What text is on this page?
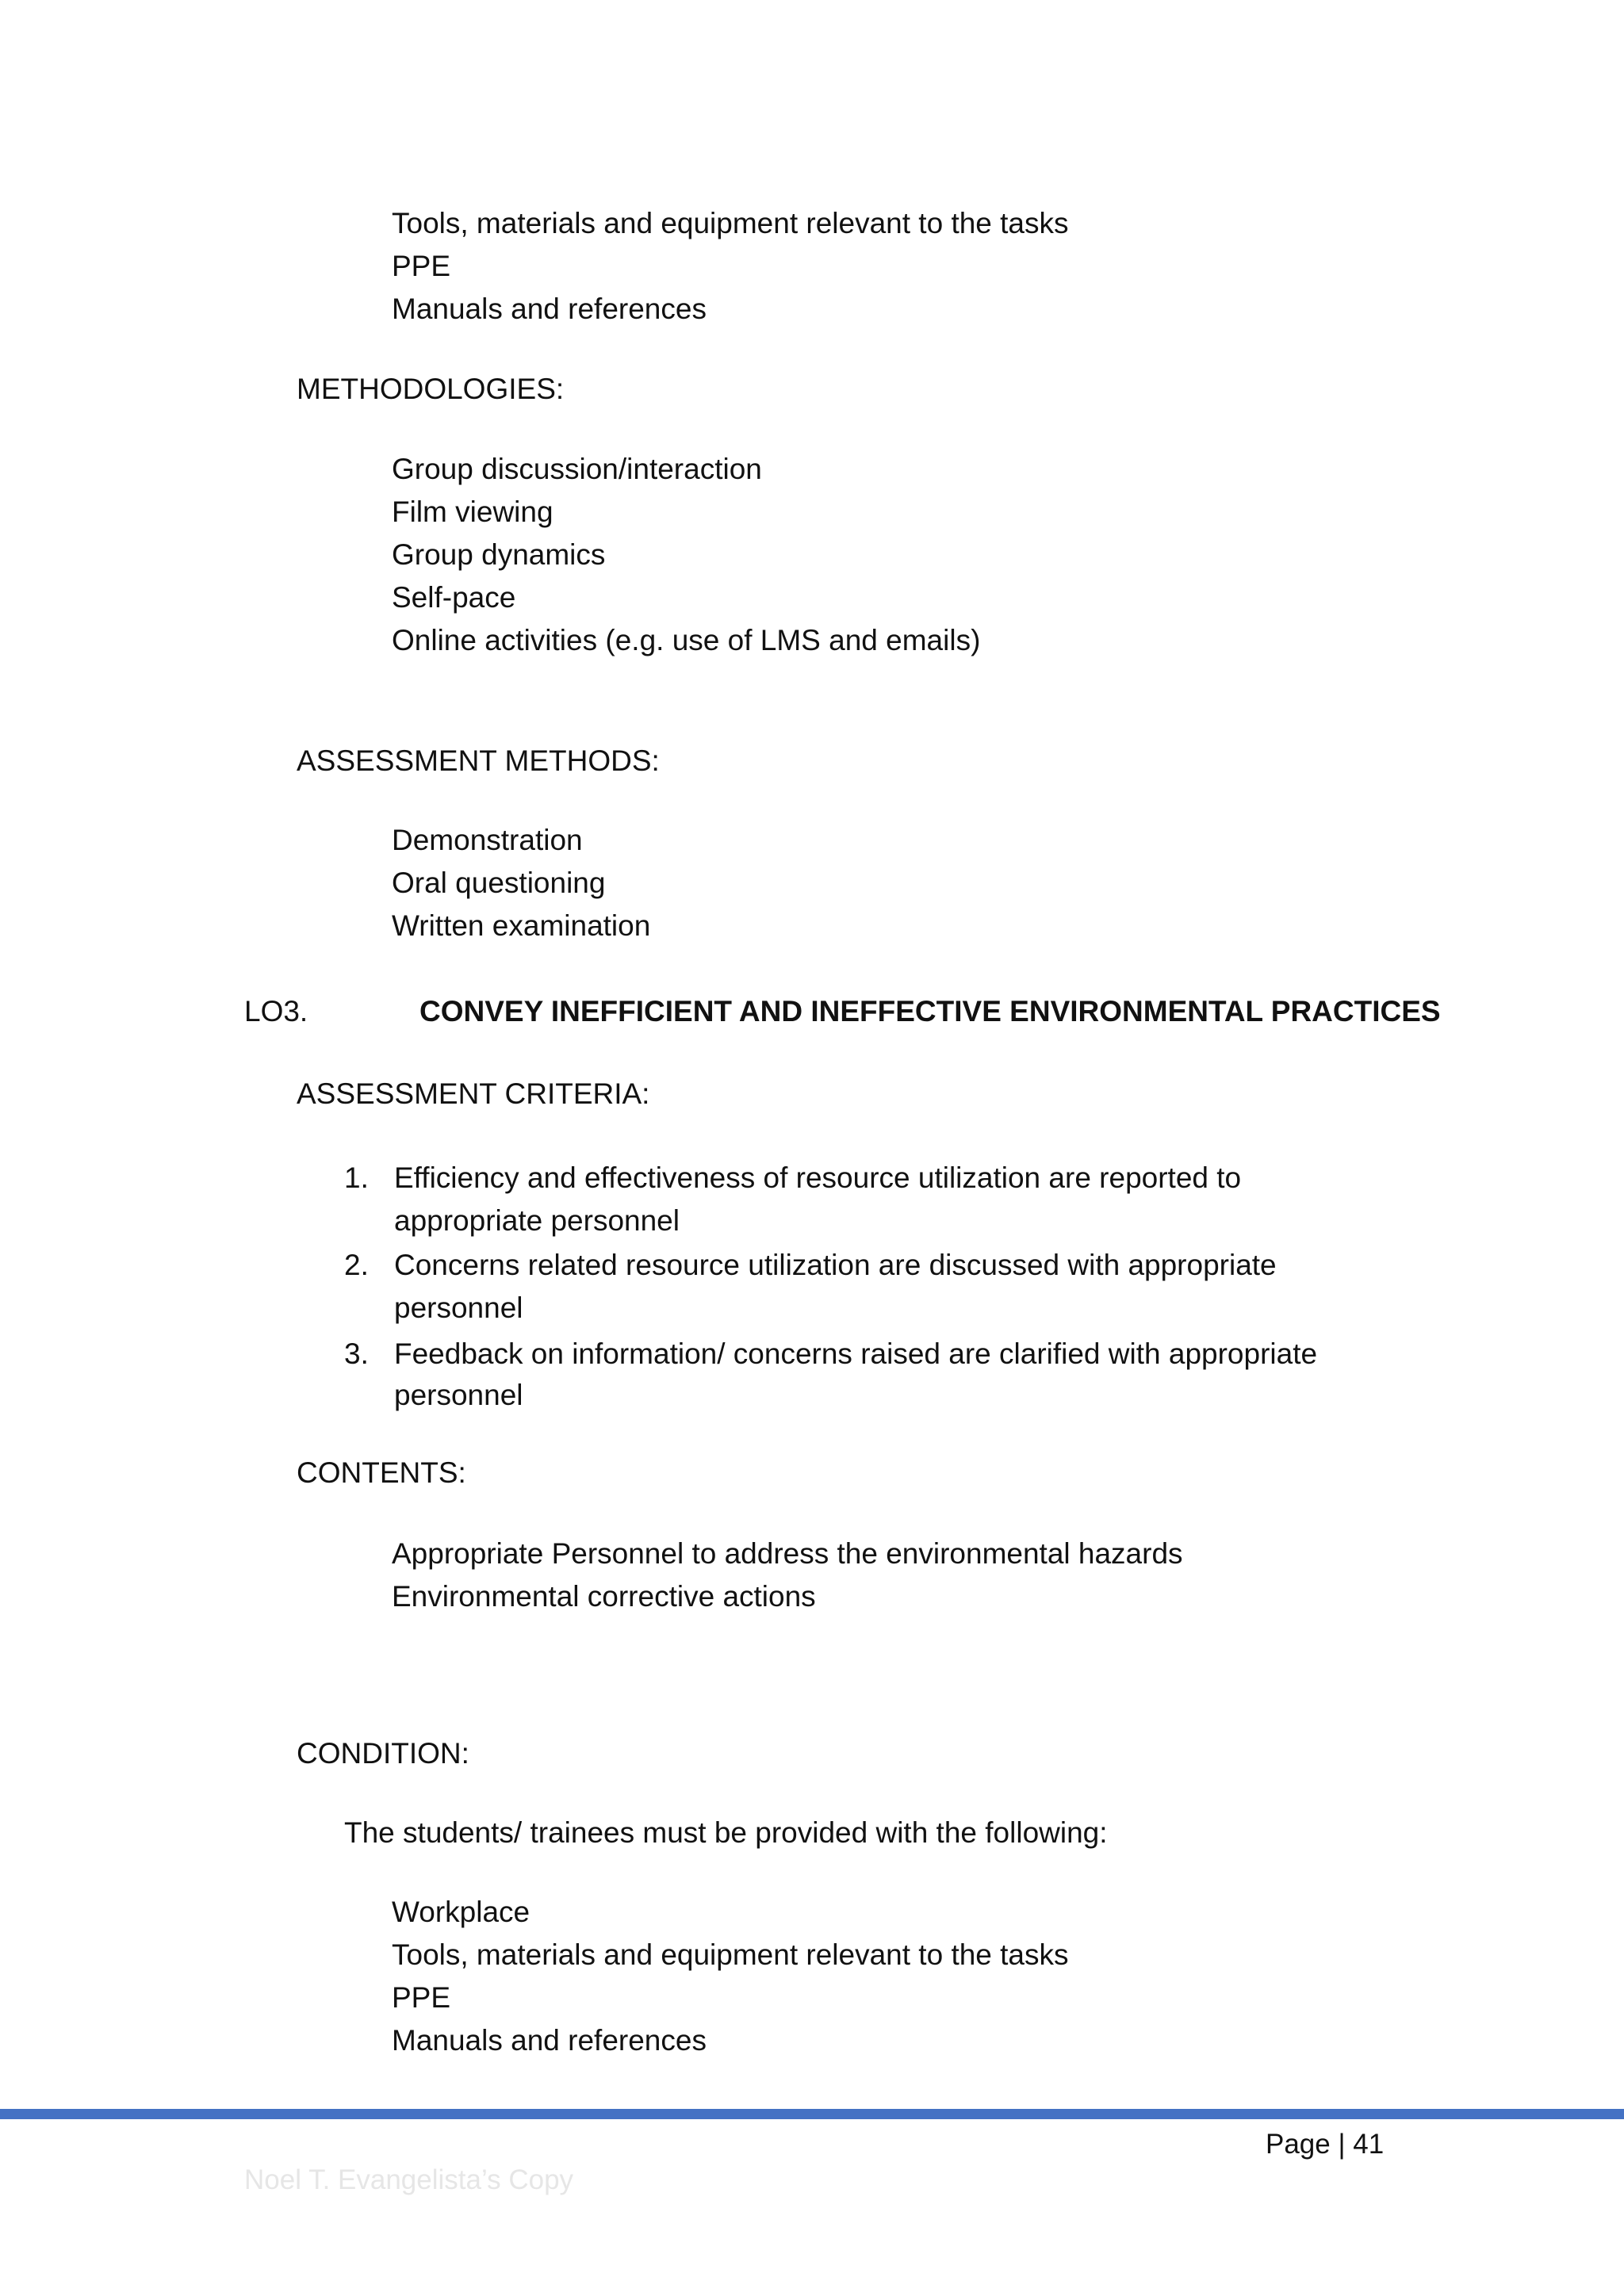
Tools, materials and equipment relevant to the tasks
PPE
Manuals and references
METHODOLOGIES:
Group discussion/interaction
Film viewing
Group dynamics
Self-pace
Online activities (e.g. use of LMS and emails)
ASSESSMENT METHODS:
Demonstration
Oral questioning
Written examination
LO3.	CONVEY INEFFICIENT AND INEFFECTIVE ENVIRONMENTAL PRACTICES
ASSESSMENT CRITERIA:
1. Efficiency and effectiveness of resource utilization are reported to
appropriate personnel
2. Concerns related resource utilization are discussed with appropriate
personnel
3. Feedback on information/ concerns raised are clarified with appropriate
personnel
CONTENTS:
Appropriate Personnel to address the environmental hazards
Environmental corrective actions
CONDITION:
The students/ trainees must be provided with the following:
Workplace
Tools, materials and equipment relevant to the tasks
PPE
Manuals and references
Page | 41
Noel T. Evangelista’s Copy
